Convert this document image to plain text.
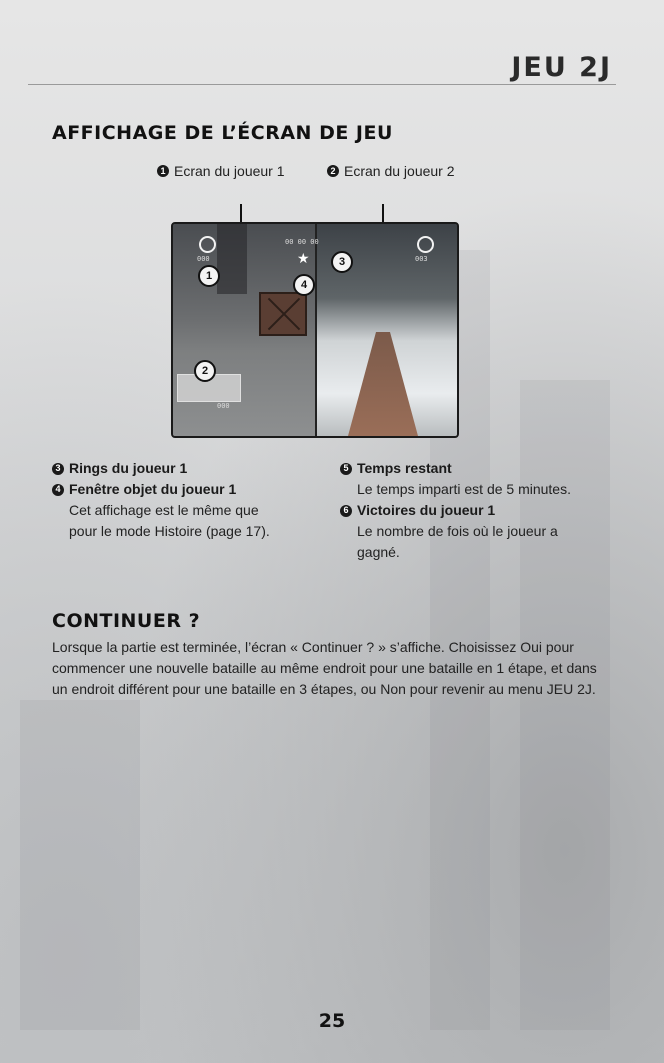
JEU 2J
AFFICHAGE DE L’ÉCRAN DE JEU
1 Ecran du joueur 1	2 Ecran du joueur 2
000	003
00 00 00
000
★
1
2
3
4
3 Rings du joueur 1
4 Fenêtre objet du joueur 1
Cet affichage est le même que
pour le mode Histoire (page 17).
5 Temps restant
Le temps imparti est de 5 minutes.
6 Victoires du joueur 1
Le nombre de fois où le joueur a
gagné.
CONTINUER ?
Lorsque la partie est terminée, l’écran « Continuer ? » s’affiche. Choisissez Oui pour commencer une nouvelle bataille au même endroit pour une bataille en 1 étape, et dans un endroit différent pour une bataille en 3 étapes, ou Non pour revenir au menu JEU 2J.
25
